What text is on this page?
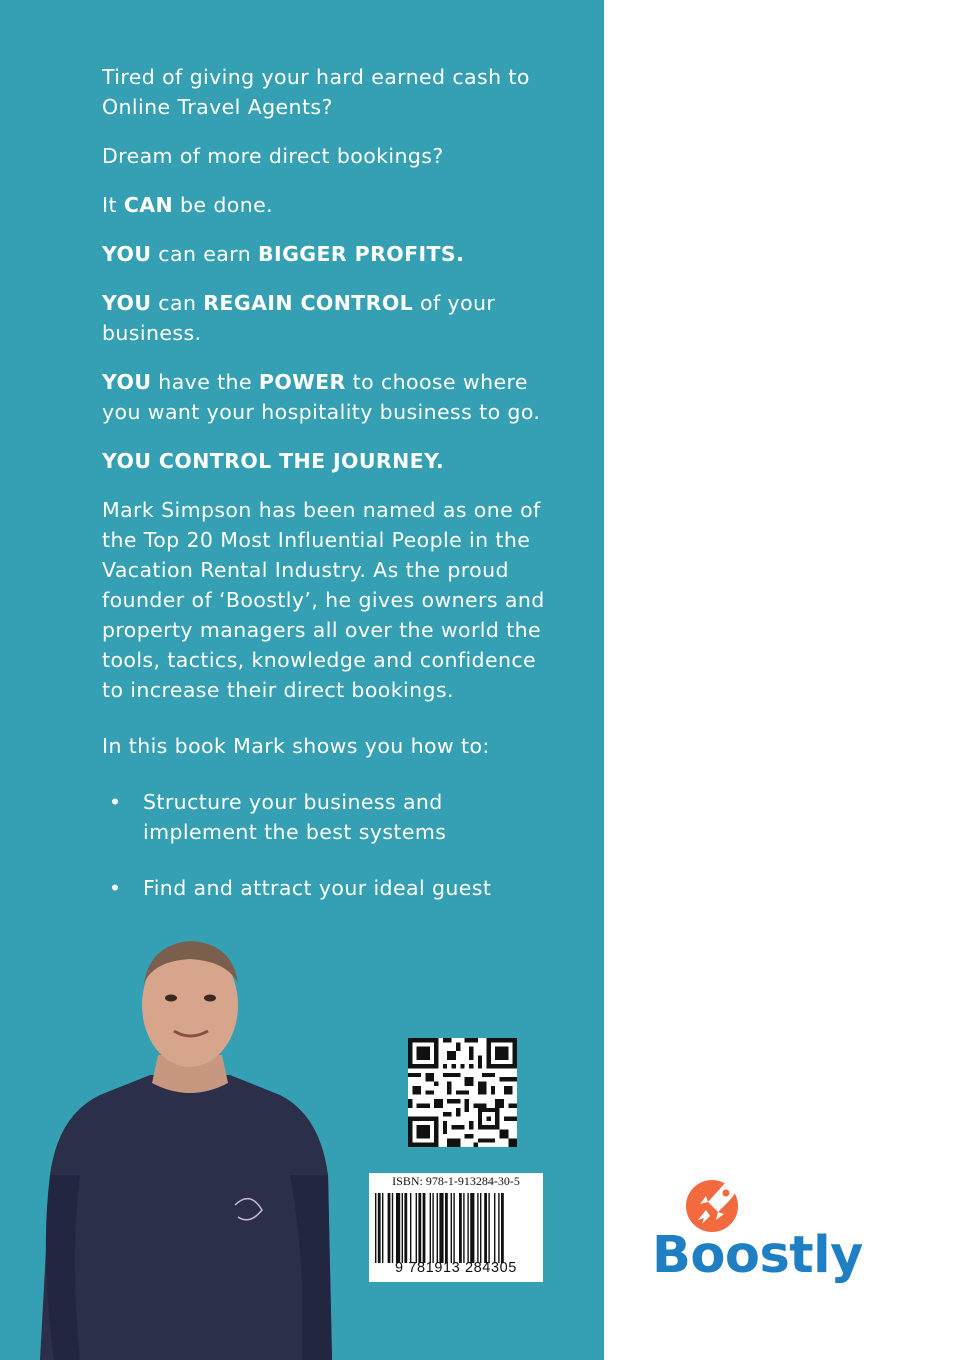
Tired of giving your hard earned cash to Online Travel Agents?

Dream of more direct bookings?

It CAN be done.

YOU can earn BIGGER PROFITS.

YOU can REGAIN CONTROL of your business.

YOU have the POWER to choose where you want your hospitality business to go.

YOU CONTROL THE JOURNEY.

Mark Simpson has been named as one of the Top 20 Most Influential People in the Vacation Rental Industry. As the proud founder of ‘Boostly’, he gives owners and property managers all over the world the tools, tactics, knowledge and confidence to increase their direct bookings.

In this book Mark shows you how to:

• Structure your business and implement the best systems
• Find and attract your ideal guest
ISBN: 978-1-913284-30-5
9 781913 284305	Boostly
